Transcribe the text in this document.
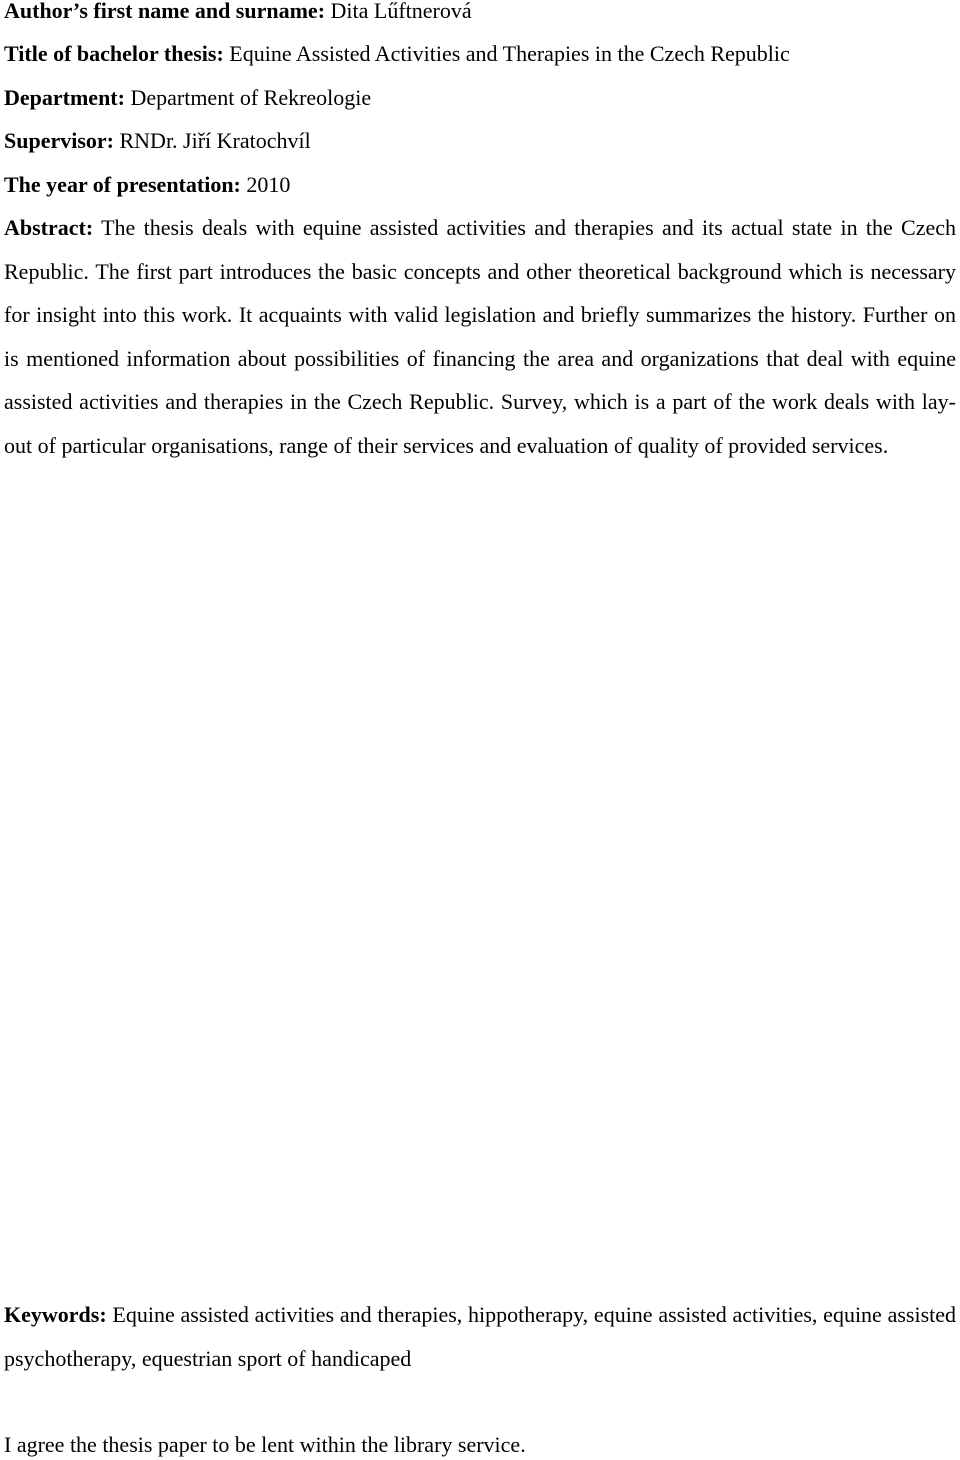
Author’s first name and surname: Dita Lűftnerová

Title of bachelor thesis: Equine Assisted Activities and Therapies in the Czech Republic

Department: Department of Rekreologie

Supervisor: RNDr. Jiří Kratochvíl

The year of presentation: 2010

Abstract: The thesis deals with equine assisted activities and therapies and its actual state in the Czech Republic. The first part introduces the basic concepts and other theoretical background which is necessary for insight into this work. It acquaints with valid legislation and briefly summarizes the history. Further on is mentioned information about possibilities of financing the area and organizations that deal with equine assisted activities and therapies in the Czech Republic. Survey, which is a part of the work deals with lay-out of particular organisations, range of their services and evaluation of quality of provided services.

Keywords: Equine assisted activities and therapies, hippotherapy, equine assisted activities, equine assisted psychotherapy, equestrian sport of handicaped

I agree the thesis paper to be lent within the library service.
